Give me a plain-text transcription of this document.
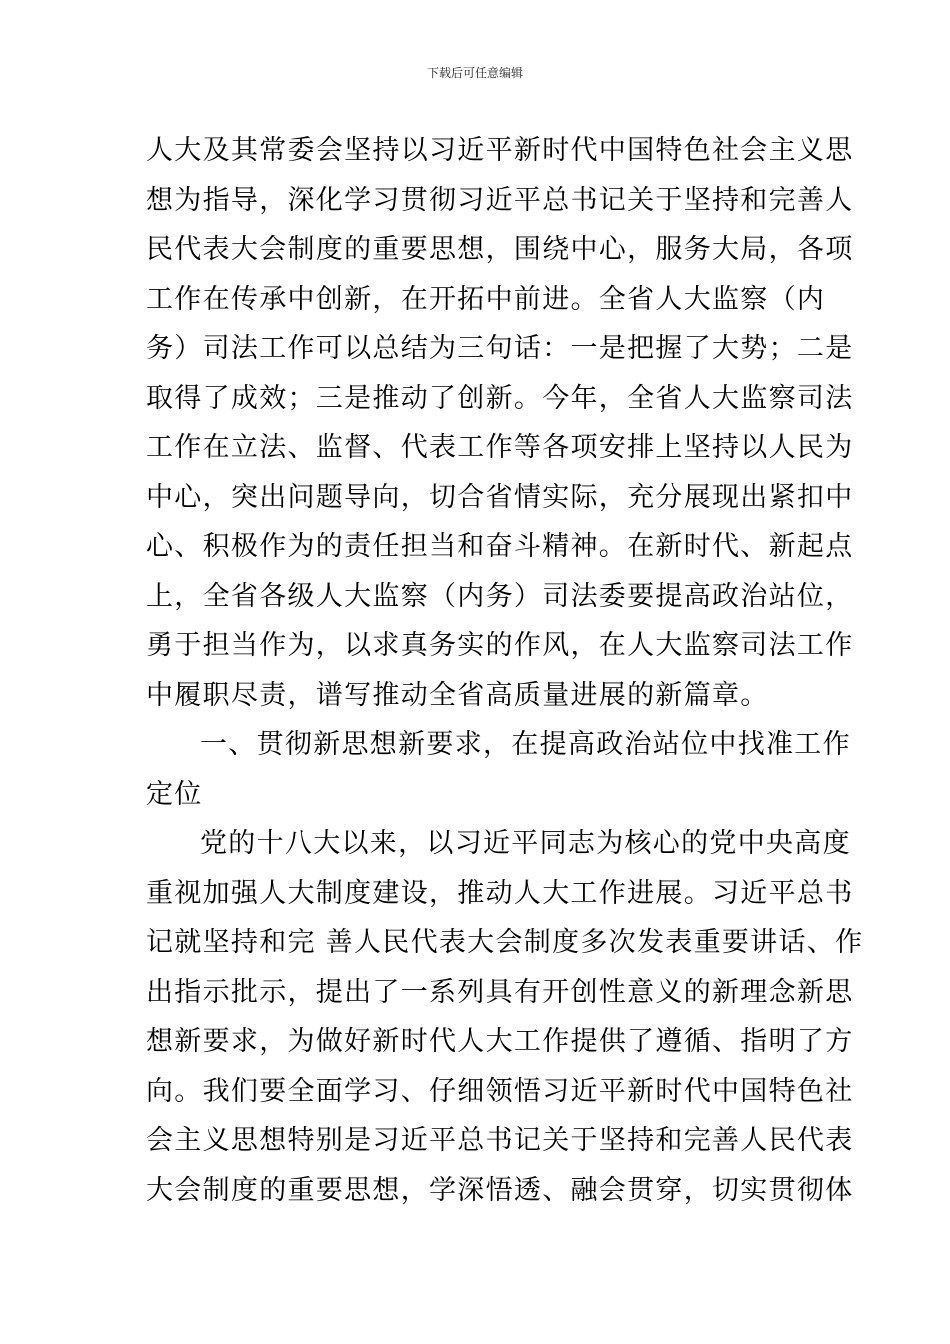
下载后可任意编辑
人大及其常委会坚持以习近平新时代中国特色社会主义思
想为指导，深化学习贯彻习近平总书记关于坚持和完善人
民代表大会制度的重要思想，围绕中心，服务大局，各项
工作在传承中创新，在开拓中前进。全省人大监察（内
务）司法工作可以总结为三句话：一是把握了大势；二是
取得了成效；三是推动了创新。今年，全省人大监察司法
工作在立法、监督、代表工作等各项安排上坚持以人民为
中心，突出问题导向，切合省情实际，充分展现出紧扣中
心、积极作为的责任担当和奋斗精神。在新时代、新起点
上，全省各级人大监察（内务）司法委要提高政治站位，
勇于担当作为，以求真务实的作风，在人大监察司法工作
中履职尽责，谱写推动全省高质量进展的新篇章。
一、贯彻新思想新要求，在提高政治站位中找准工作
定位
党的十八大以来，以习近平同志为核心的党中央高度
重视加强人大制度建设，推动人大工作进展。习近平总书
记就坚持和完 善人民代表大会制度多次发表重要讲话、作
出指示批示，提出了一系列具有开创性意义的新理念新思
想新要求，为做好新时代人大工作提供了遵循、指明了方
向。我们要全面学习、仔细领悟习近平新时代中国特色社
会主义思想特别是习近平总书记关于坚持和完善人民代表
大会制度的重要思想，学深悟透、融会贯穿，切实贯彻体
